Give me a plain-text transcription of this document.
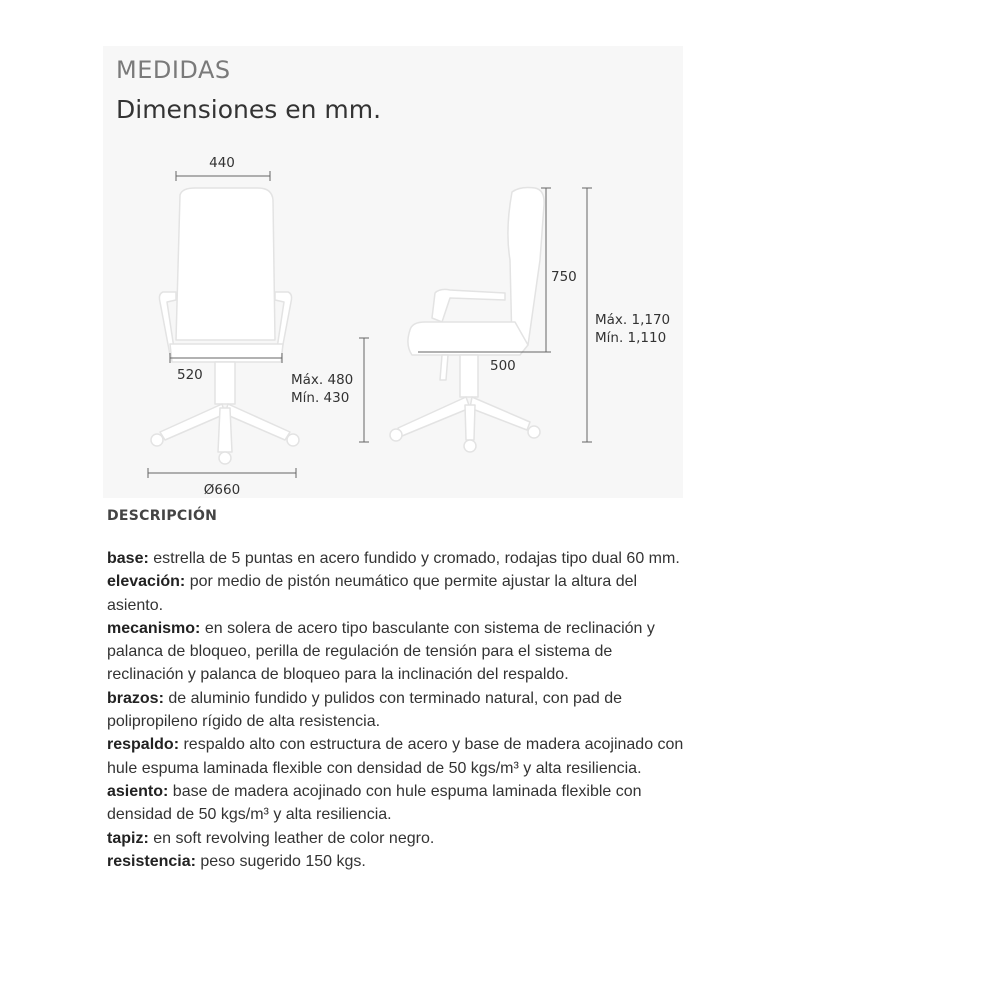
MEDIDAS
Dimensiones en mm.
440
520
Ø660
Máx. 480
Mín. 430
750
500
Máx. 1,170
Mín. 1,110
DESCRIPCIÓN

base: estrella de 5 puntas en acero fundido y cromado, rodajas tipo dual 60 mm.

elevación: por medio de pistón neumático que permite ajustar la altura del asiento.

mecanismo: en solera de acero tipo basculante con sistema de reclinación y palanca de bloqueo, perilla de regulación de tensión para el sistema de reclinación y palanca de bloqueo para la inclinación del respaldo.

brazos: de aluminio fundido y pulidos con terminado natural, con pad de polipropileno rígido de alta resistencia.

respaldo: respaldo alto con estructura de acero y base de madera acojinado con hule espuma laminada flexible con densidad de 50 kgs/m³ y alta resiliencia.

asiento: base de madera acojinado con hule espuma laminada flexible con densidad de 50 kgs/m³ y alta resiliencia.

tapiz: en soft revolving leather de color negro.

resistencia: peso sugerido 150 kgs.
